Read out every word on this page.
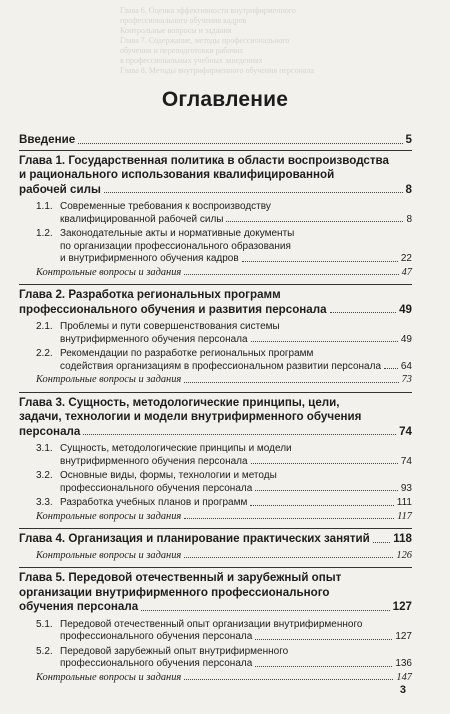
Глава 6. Оценка эффективности внутрифирменного
профессионального обучения кадров
Контрольные вопросы и задания
Глава 7. Содержание, методы профессионального
обучения и переподготовки рабочих
в профессиональных учебных заведениях
Глава 8. Методы внутрифирменного обучения персонала
Оглавление
Введение	5
Глава 1. Государственная политика в области воспроизводства
и рационального использования квалифицированной
рабочей силы	8
1.1. Современные требования к воспроизводству
квалифицированной рабочей силы	8
1.2. Законодательные акты и нормативные документы
по организации профессионального образования
и внутрифирменного обучения кадров	22
Контрольные вопросы и задания	47
Глава 2. Разработка региональных программ
профессионального обучения и развития персонала	49
2.1. Проблемы и пути совершенствования системы
внутрифирменного обучения персонала	49
2.2. Рекомендации по разработке региональных программ
содействия организациям в профессиональном развитии персонала 64
Контрольные вопросы и задания	73
Глава 3. Сущность, методологические принципы, цели,
задачи, технологии и модели внутрифирменного обучения
персонала	74
3.1. Сущность, методологические принципы и модели
внутрифирменного обучения персонала	74
3.2. Основные виды, формы, технологии и методы
профессионального обучения персонала	93
3.3. Разработка учебных планов и программ	111
Контрольные вопросы и задания	117
Глава 4. Организация и планирование практических занятий 118
Контрольные вопросы и задания	126
Глава 5. Передовой отечественный и зарубежный опыт
организации внутрифирменного профессионального
обучения персонала	127
5.1. Передовой отечественный опыт организации внутрифирменного
профессионального обучения персонала	127
5.2. Передовой зарубежный опыт внутрифирменного
профессионального обучения персонала	136
Контрольные вопросы и задания	147
3
